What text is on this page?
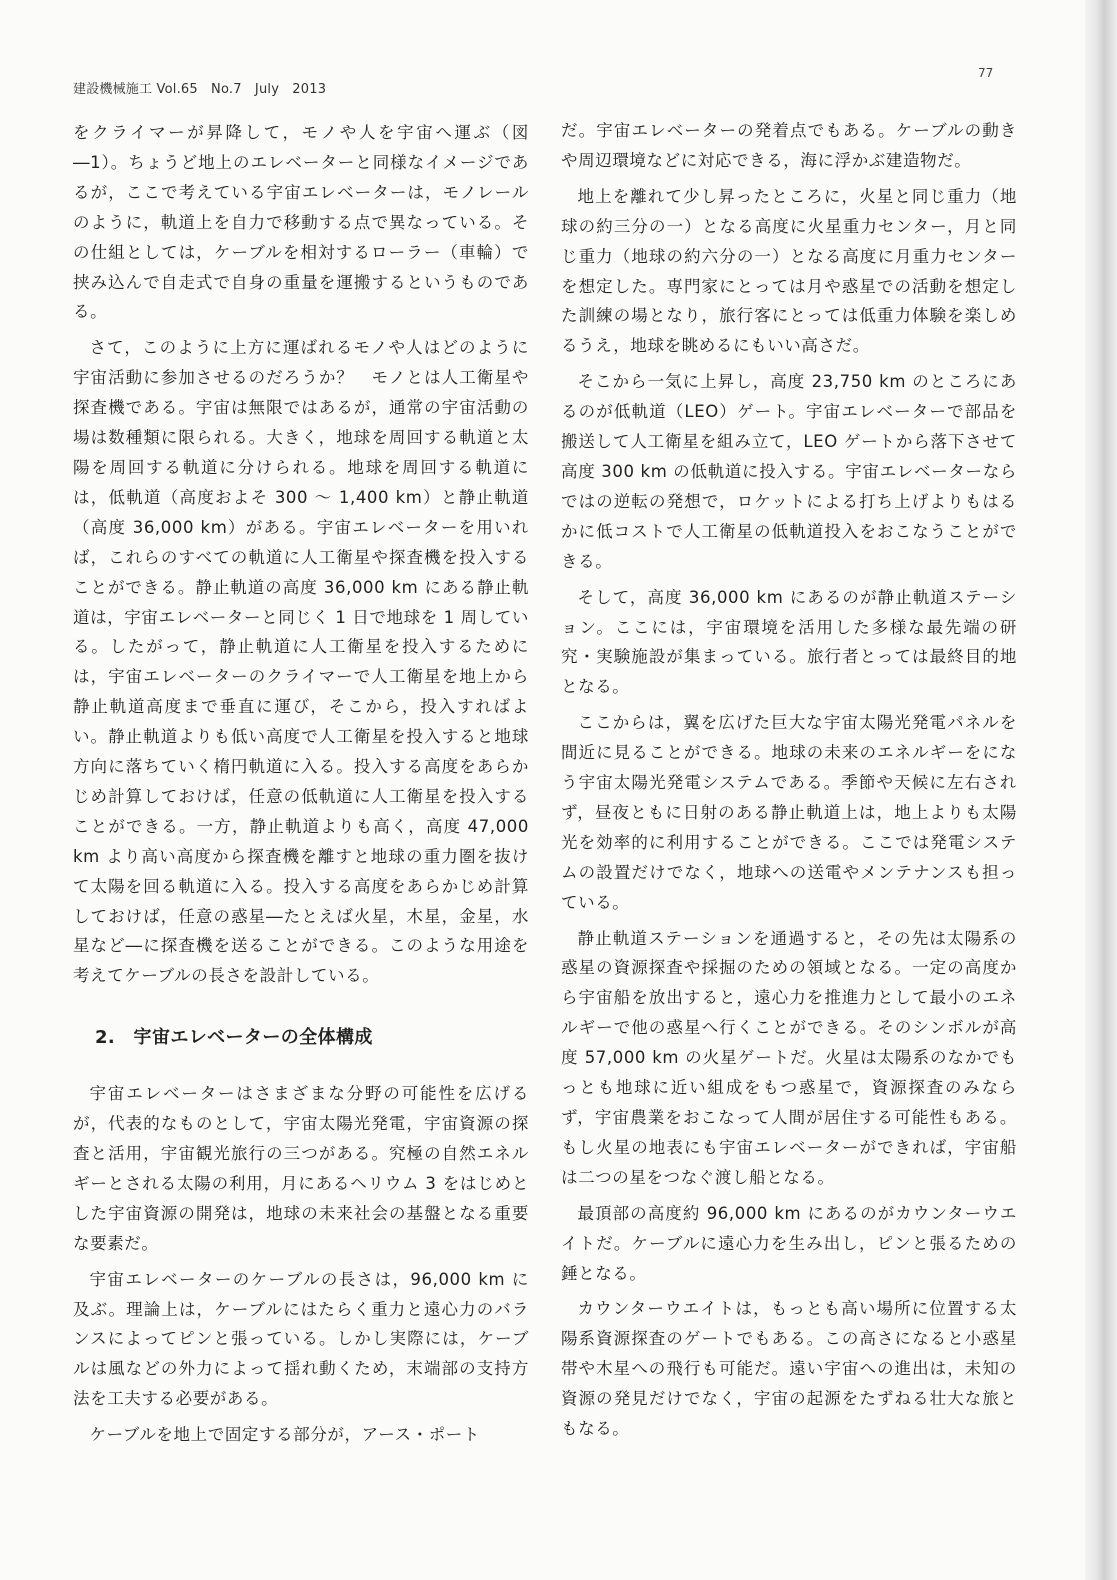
建設機械施工 Vol.65　No.7　July　2013
77

をクライマーが昇降して，モノや人を宇宙へ運ぶ（図―1）。ちょうど地上のエレベーターと同様なイメージであるが，ここで考えている宇宙エレベーターは，モノレールのように，軌道上を自力で移動する点で異なっている。その仕組としては，ケーブルを相対するローラー（車輪）で挟み込んで自走式で自身の重量を運搬するというものである。

さて，このように上方に運ばれるモノや人はどのように宇宙活動に参加させるのだろうか？　モノとは人工衛星や探査機である。宇宙は無限ではあるが，通常の宇宙活動の場は数種類に限られる。大きく，地球を周回する軌道と太陽を周回する軌道に分けられる。地球を周回する軌道には，低軌道（高度およそ 300 ～ 1,400 km）と静止軌道（高度 36,000 km）がある。宇宙エレベーターを用いれば，これらのすべての軌道に人工衛星や探査機を投入することができる。静止軌道の高度 36,000 km にある静止軌道は，宇宙エレベーターと同じく 1 日で地球を 1 周している。したがって，静止軌道に人工衛星を投入するためには，宇宙エレベーターのクライマーで人工衛星を地上から静止軌道高度まで垂直に運び，そこから，投入すればよい。静止軌道よりも低い高度で人工衛星を投入すると地球方向に落ちていく楕円軌道に入る。投入する高度をあらかじめ計算しておけば，任意の低軌道に人工衛星を投入することができる。一方，静止軌道よりも高く，高度 47,000 km より高い高度から探査機を離すと地球の重力圏を抜けて太陽を回る軌道に入る。投入する高度をあらかじめ計算しておけば，任意の惑星―たとえば火星，木星，金星，水星など―に探査機を送ることができる。このような用途を考えてケーブルの長さを設計している。

2.　宇宙エレベーターの全体構成

宇宙エレベーターはさまざまな分野の可能性を広げるが，代表的なものとして，宇宙太陽光発電，宇宙資源の探査と活用，宇宙観光旅行の三つがある。究極の自然エネルギーとされる太陽の利用，月にあるヘリウム 3 をはじめとした宇宙資源の開発は，地球の未来社会の基盤となる重要な要素だ。

宇宙エレベーターのケーブルの長さは，96,000 km に及ぶ。理論上は，ケーブルにはたらく重力と遠心力のバランスによってピンと張っている。しかし実際には，ケーブルは風などの外力によって揺れ動くため，末端部の支持方法を工夫する必要がある。

ケーブルを地上で固定する部分が，アース・ポート

だ。宇宙エレベーターの発着点でもある。ケーブルの動きや周辺環境などに対応できる，海に浮かぶ建造物だ。

地上を離れて少し昇ったところに，火星と同じ重力（地球の約三分の一）となる高度に火星重力センター，月と同じ重力（地球の約六分の一）となる高度に月重力センターを想定した。専門家にとっては月や惑星での活動を想定した訓練の場となり，旅行客にとっては低重力体験を楽しめるうえ，地球を眺めるにもいい高さだ。

そこから一気に上昇し，高度 23,750 km のところにあるのが低軌道（LEO）ゲート。宇宙エレベーターで部品を搬送して人工衛星を組み立て，LEO ゲートから落下させて高度 300 km の低軌道に投入する。宇宙エレベーターならではの逆転の発想で，ロケットによる打ち上げよりもはるかに低コストで人工衛星の低軌道投入をおこなうことができる。

そして，高度 36,000 km にあるのが静止軌道ステーション。ここには，宇宙環境を活用した多様な最先端の研究・実験施設が集まっている。旅行者とっては最終目的地となる。

ここからは，翼を広げた巨大な宇宙太陽光発電パネルを間近に見ることができる。地球の未来のエネルギーをになう宇宙太陽光発電システムである。季節や天候に左右されず，昼夜ともに日射のある静止軌道上は，地上よりも太陽光を効率的に利用することができる。ここでは発電システムの設置だけでなく，地球への送電やメンテナンスも担っている。

静止軌道ステーションを通過すると，その先は太陽系の惑星の資源探査や採掘のための領域となる。一定の高度から宇宙船を放出すると，遠心力を推進力として最小のエネルギーで他の惑星へ行くことができる。そのシンボルが高度 57,000 km の火星ゲートだ。火星は太陽系のなかでもっとも地球に近い組成をもつ惑星で，資源探査のみならず，宇宙農業をおこなって人間が居住する可能性もある。もし火星の地表にも宇宙エレベーターができれば，宇宙船は二つの星をつなぐ渡し船となる。

最頂部の高度約 96,000 km にあるのがカウンターウエイトだ。ケーブルに遠心力を生み出し，ピンと張るための錘となる。

カウンターウエイトは，もっとも高い場所に位置する太陽系資源探査のゲートでもある。この高さになると小惑星帯や木星への飛行も可能だ。遠い宇宙への進出は，未知の資源の発見だけでなく，宇宙の起源をたずねる壮大な旅ともなる。
